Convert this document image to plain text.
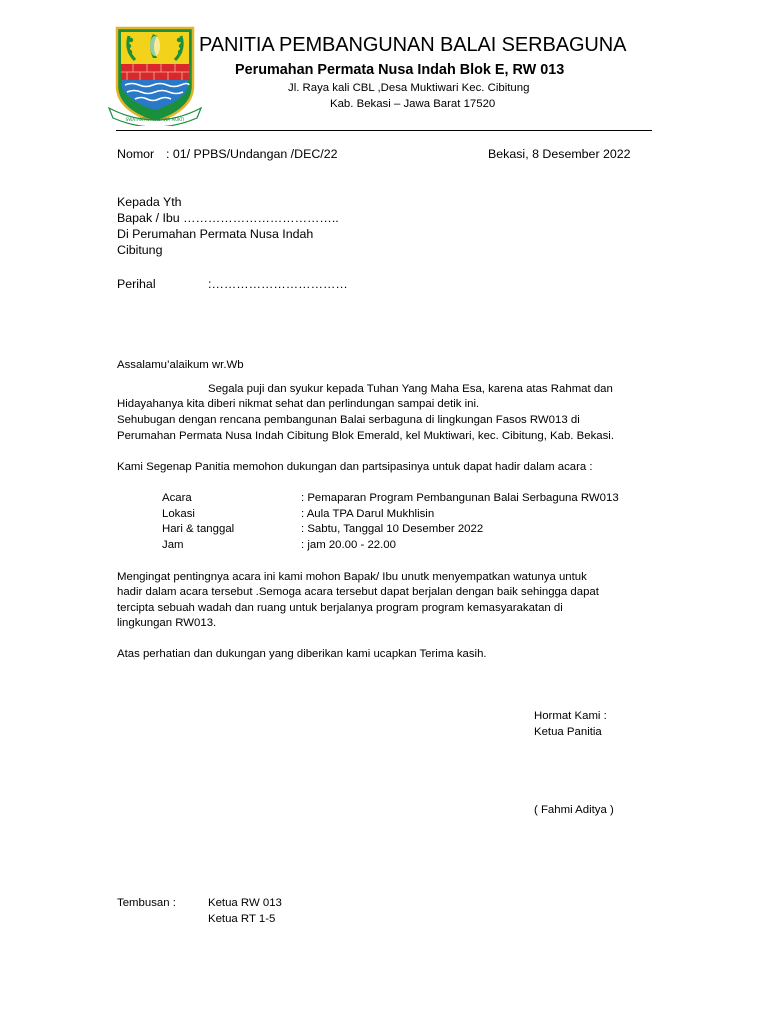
SWATANTRA WIBAWA MUKTI
PANITIA PEMBANGUNAN BALAI SERBAGUNA
Perumahan Permata Nusa Indah Blok E, RW 013
Jl. Raya kali CBL ,Desa Muktiwari Kec. Cibitung
Kab. Bekasi – Jawa Barat 17520
Nomor : 01/ PPBS/Undangan /DEC/22	Bekasi, 8 Desember 2022
Kepada Yth
Bapak / Ibu ………………………………..
Di Perumahan Permata Nusa Indah
Cibitung
Perihal	:……………………………
Assalamu’alaikum wr.Wb
Segala puji dan syukur kepada Tuhan Yang Maha Esa, karena atas Rahmat dan
Hidayahanya kita diberi nikmat sehat dan perlindungan sampai detik ini.
Sehubugan dengan rencana pembangunan Balai serbaguna di lingkungan Fasos RW013 di
Perumahan Permata Nusa Indah Cibitung Blok Emerald, kel Muktiwari, kec. Cibitung, Kab. Bekasi.
Kami Segenap Panitia memohon dukungan dan partsipasinya untuk dapat hadir dalam acara :
Acara	: Pemaparan Program Pembangunan Balai Serbaguna RW013
Lokasi	: Aula TPA Darul Mukhlisin
Hari & tanggal	: Sabtu, Tanggal 10 Desember 2022
Jam	: jam 20.00 - 22.00
Mengingat pentingnya acara ini kami mohon Bapak/ Ibu unutk menyempatkan watunya untuk
hadir dalam acara tersebut .Semoga acara tersebut dapat berjalan dengan baik sehingga dapat
tercipta sebuah wadah dan ruang untuk berjalanya program program kemasyarakatan di
lingkungan RW013.
Atas perhatian dan dukungan yang diberikan kami ucapkan Terima kasih.
Hormat Kami :
Ketua Panitia
( Fahmi Aditya )
Tembusan :	Ketua RW 013
Ketua RT 1-5
